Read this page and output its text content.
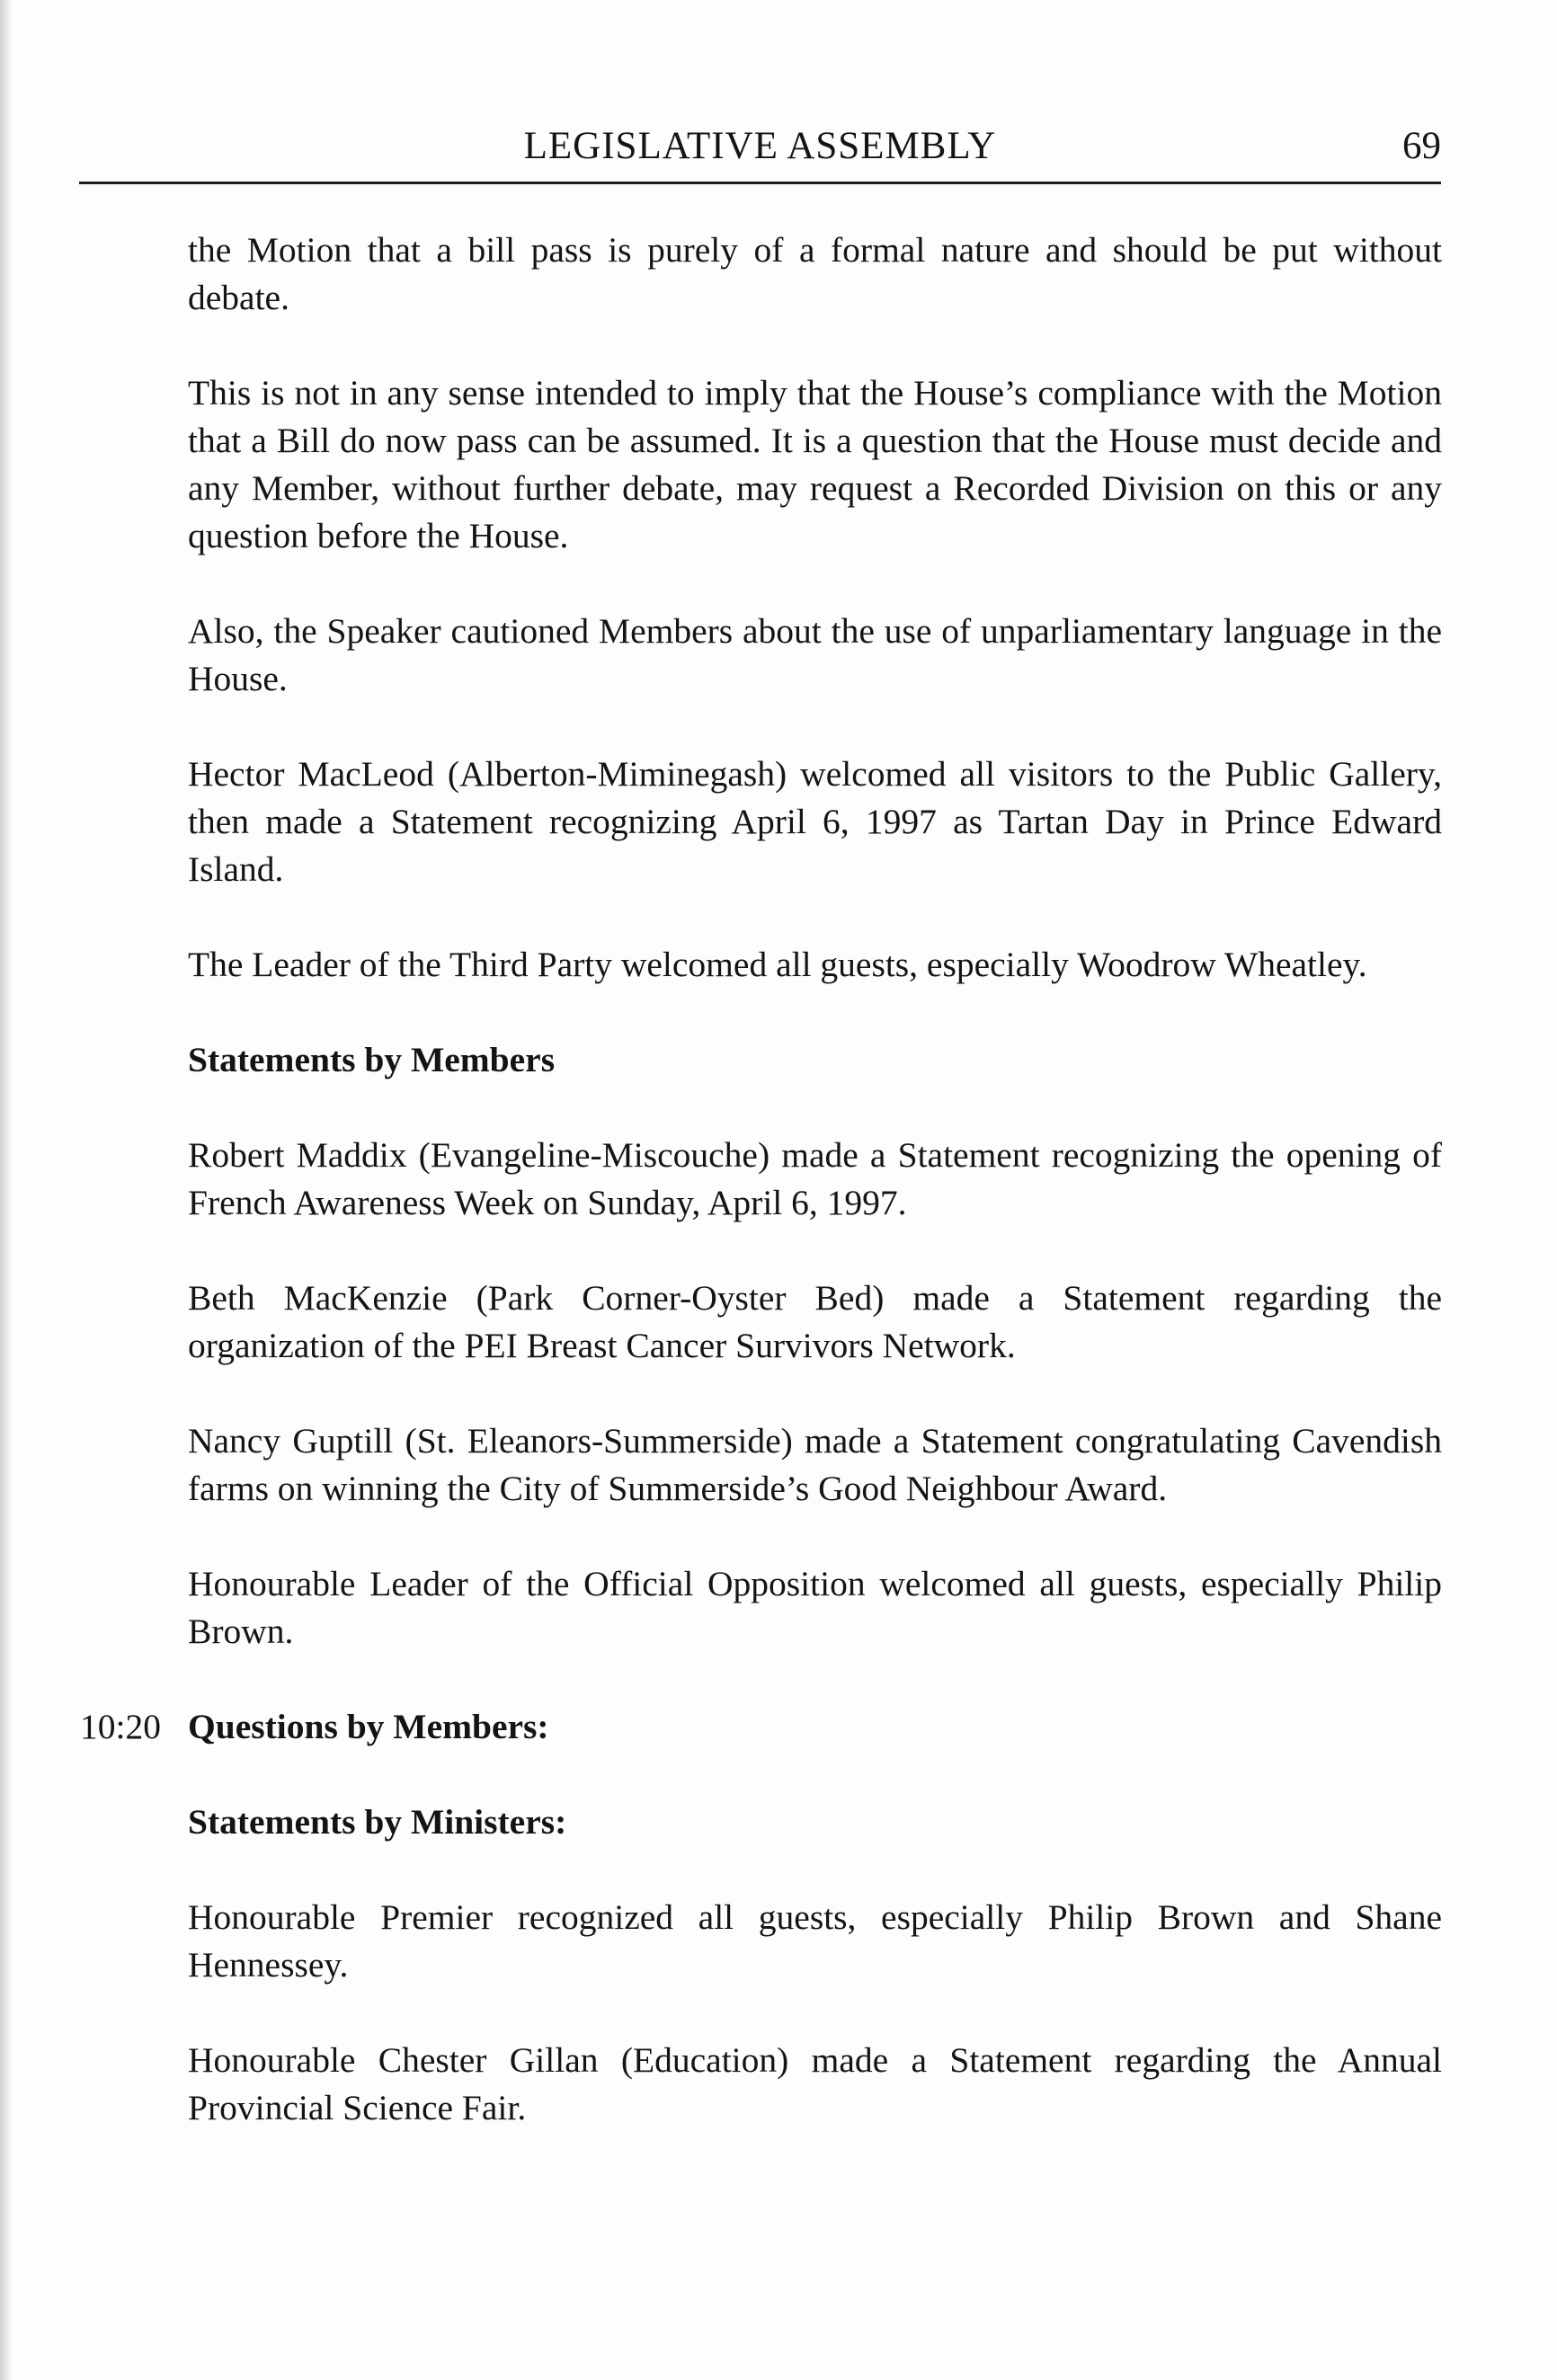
LEGISLATIVE ASSEMBLY	69

the Motion that a bill pass is purely of a formal nature and should be put without debate.

This is not in any sense intended to imply that the House’s compliance with the Motion that a Bill do now pass can be assumed. It is a question that the House must decide and any Member, without further debate, may request a Recorded Division on this or any question before the House.

Also, the Speaker cautioned Members about the use of unparliamentary language in the House.

Hector MacLeod (Alberton-Miminegash) welcomed all visitors to the Public Gallery, then made a Statement recognizing April 6, 1997 as Tartan Day in Prince Edward Island.

The Leader of the Third Party welcomed all guests, especially Woodrow Wheatley.

Statements by Members

Robert Maddix (Evangeline-Miscouche) made a Statement recognizing the opening of French Awareness Week on Sunday, April 6, 1997.

Beth MacKenzie (Park Corner-Oyster Bed) made a Statement regarding the organization of the PEI Breast Cancer Survivors Network.

Nancy Guptill (St. Eleanors-Summerside) made a Statement congratulating Cavendish farms on winning the City of Summerside’s Good Neighbour Award.

Honourable Leader of the Official Opposition welcomed all guests, especially Philip Brown.

10:20 Questions by Members:
Statements by Ministers:

Honourable Premier recognized all guests, especially Philip Brown and Shane Hennessey.

Honourable Chester Gillan (Education) made a Statement regarding the Annual Provincial Science Fair.
